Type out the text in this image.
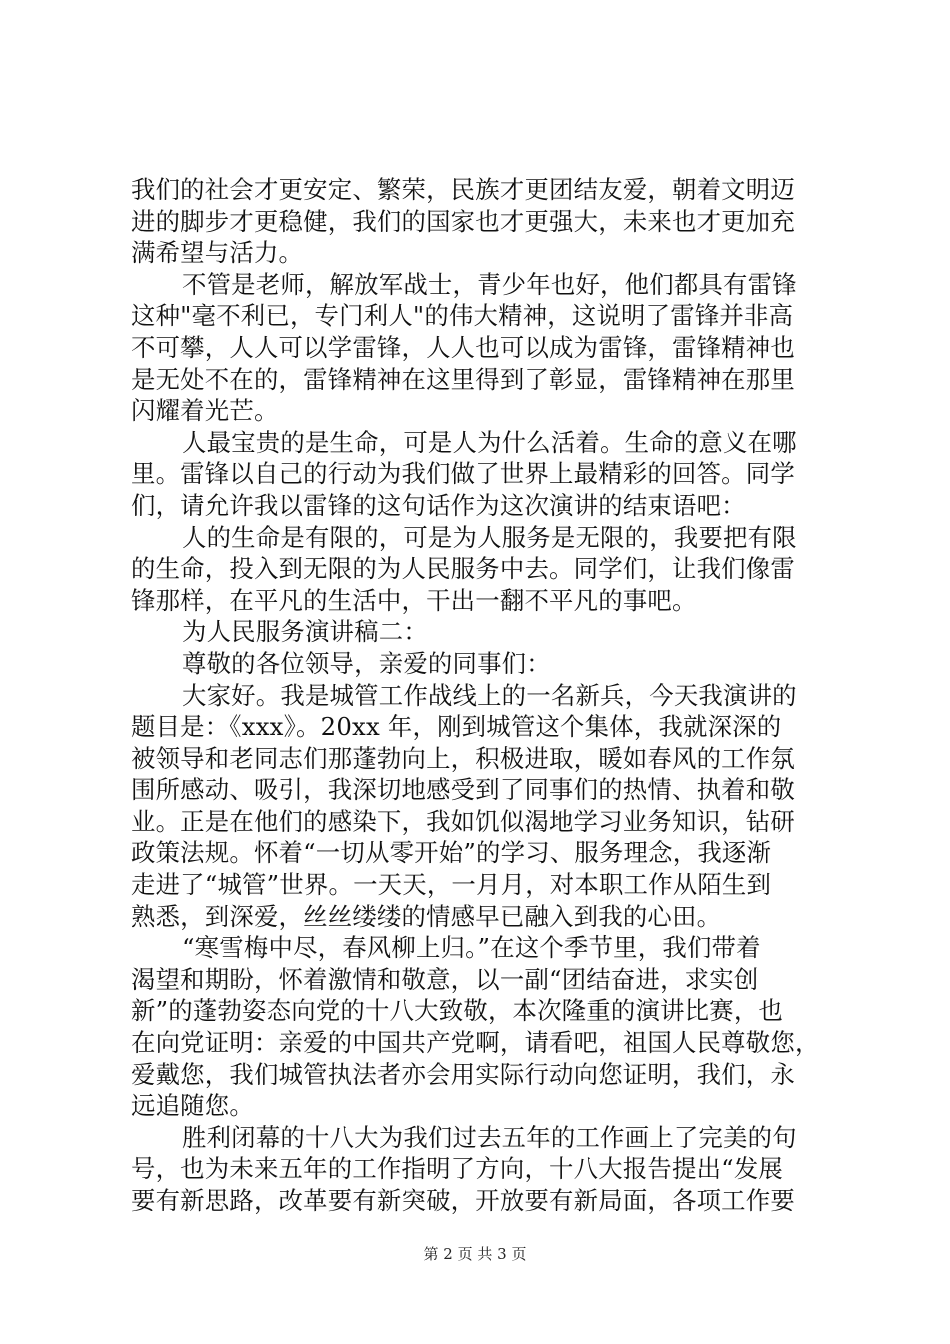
我们的社会才更安定、繁荣，民族才更团结友爱，朝着文明迈
进的脚步才更稳健，我们的国家也才更强大，未来也才更加充
满希望与活力。
不管是老师，解放军战士，青少年也好，他们都具有雷锋
这种"毫不利已，专门利人"的伟大精神，这说明了雷锋并非高
不可攀，人人可以学雷锋，人人也可以成为雷锋，雷锋精神也
是无处不在的，雷锋精神在这里得到了彰显，雷锋精神在那里
闪耀着光芒。
人最宝贵的是生命，可是人为什么活着。生命的意义在哪
里。雷锋以自己的行动为我们做了世界上最精彩的回答。同学
们，请允许我以雷锋的这句话作为这次演讲的结束语吧：
人的生命是有限的，可是为人服务是无限的，我要把有限
的生命，投入到无限的为人民服务中去。同学们，让我们像雷
锋那样，在平凡的生活中，干出一翻不平凡的事吧。
为人民服务演讲稿二：
尊敬的各位领导，亲爱的同事们：
大家好。我是城管工作战线上的一名新兵，今天我演讲的
题目是：《xxx》。20xx 年，刚到城管这个集体，我就深深的
被领导和老同志们那蓬勃向上，积极进取，暖如春风的工作氛
围所感动、吸引，我深切地感受到了同事们的热情、执着和敬
业。正是在他们的感染下，我如饥似渴地学习业务知识，钻研
政策法规。怀着“一切从零开始”的学习、服务理念，我逐渐
走进了“城管”世界。一天天，一月月，对本职工作从陌生到
熟悉，到深爱，丝丝缕缕的情感早已融入到我的心田。
“寒雪梅中尽，春风柳上归。”在这个季节里，我们带着
渴望和期盼，怀着激情和敬意，以一副“团结奋进，求实创
新”的蓬勃姿态向党的十八大致敬，本次隆重的演讲比赛，也
在向党证明：亲爱的中国共产党啊，请看吧，祖国人民尊敬您，
爱戴您，我们城管执法者亦会用实际行动向您证明，我们，永
远追随您。
胜利闭幕的十八大为我们过去五年的工作画上了完美的句
号，也为未来五年的工作指明了方向，十八大报告提出“发展
要有新思路，改革要有新突破，开放要有新局面，各项工作要
第 2 页 共 3 页
